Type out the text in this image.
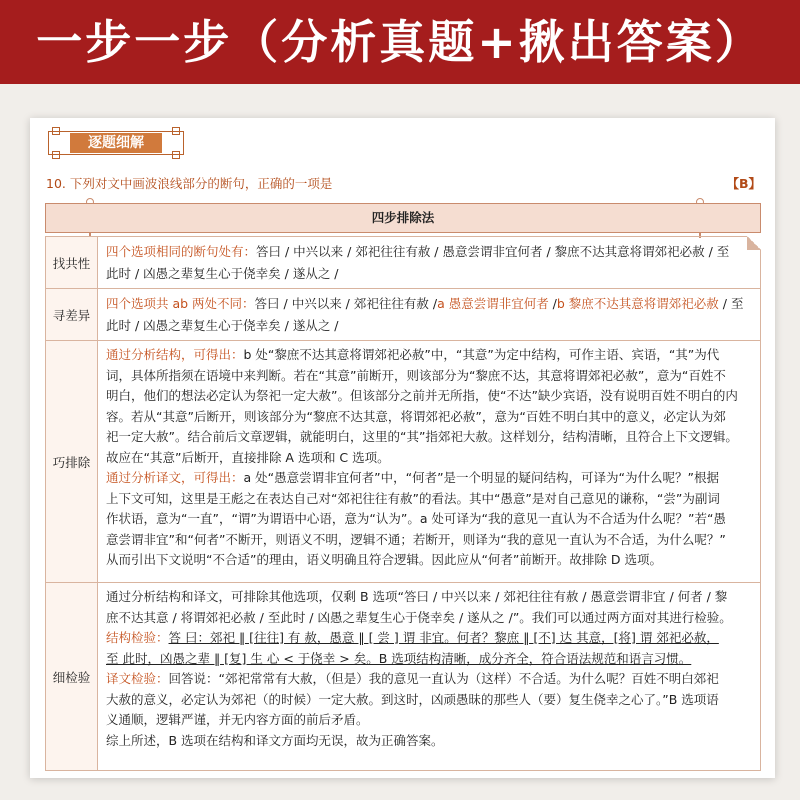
一步一步（分析真题+揪出答案）
逐题细解
10. 下列对文中画波浪线部分的断句，正确的一项是	【B】
四步排除法
找共性
四个选项相同的断句处有：答曰 / 中兴以来 / 郊祀往往有赦 / 愚意尝谓非宜何者 / 黎庶不达其意将谓郊祀必赦 / 至
此时 / 凶愚之辈复生心于侥幸矣 / 遂从之 /
寻差异
四个选项共 ab 两处不同：答曰 / 中兴以来 / 郊祀往往有赦 /a 愚意尝谓非宜何者 /b 黎庶不达其意将谓郊祀必赦 / 至
此时 / 凶愚之辈复生心于侥幸矣 / 遂从之 /
巧排除
通过分析结构，可得出：b 处“黎庶不达其意将谓郊祀必赦”中，“其意”为定中结构，可作主语、宾语，“其”为代
词，具体所指须在语境中来判断。若在“其意”前断开，则该部分为“黎庶不达，其意将谓郊祀必赦”，意为“百姓不
明白，他们的想法必定认为祭祀一定大赦”。但该部分之前并无所指，使“不达”缺少宾语，没有说明百姓不明白的内
容。若从“其意”后断开，则该部分为“黎庶不达其意，将谓郊祀必赦”，意为“百姓不明白其中的意义，必定认为郊
祀一定大赦”。结合前后文章逻辑，就能明白，这里的“其”指郊祀大赦。这样划分，结构清晰，且符合上下文逻辑。
故应在“其意”后断开，直接排除 A 选项和 C 选项。
通过分析译文，可得出：a 处“愚意尝谓非宜何者”中，“何者”是一个明显的疑问结构，可译为“为什么呢？”根据
上下文可知，这里是王彪之在表达自己对“郊祀往往有赦”的看法。其中“愚意”是对自己意见的谦称，“尝”为副词
作状语，意为“一直”，“谓”为谓语中心语，意为“认为”。a 处可译为“我的意见一直认为不合适为什么呢？”若“愚
意尝谓非宜”和“何者”不断开，则语义不明，逻辑不通；若断开，则译为“我的意见一直认为不合适，为什么呢？”
从而引出下文说明“不合适”的理由，语义明确且符合逻辑。因此应从“何者”前断开。故排除 D 选项。
细检验
通过分析结构和译文，可排除其他选项，仅剩 B 选项“答曰 / 中兴以来 / 郊祀往往有赦 / 愚意尝谓非宜 / 何者 / 黎
庶不达其意 / 将谓郊祀必赦 / 至此时 / 凶愚之辈复生心于侥幸矣 / 遂从之 /”。我们可以通过两方面对其进行检验。
结构检验：答 曰：郊祀 ‖ [往往] 有 赦，愚意 ‖ [ 尝 ] 谓 非宜。何者？黎庶 ‖ [不] 达 其意，[将] 谓 郊祀必赦，
至 此时，凶愚之辈 ‖ [复] 生 心 < 于侥幸 > 矣。B 选项结构清晰，成分齐全，符合语法规范和语言习惯。
译文检验：回答说：“郊祀常常有大赦，（但是）我的意见一直认为（这样）不合适。为什么呢？百姓不明白郊祀
大赦的意义，必定认为郊祀（的时候）一定大赦。到这时，凶顽愚昧的那些人（要）复生侥幸之心了。”B 选项语
义通顺，逻辑严谨，并无内容方面的前后矛盾。
综上所述，B 选项在结构和译文方面均无误，故为正确答案。
